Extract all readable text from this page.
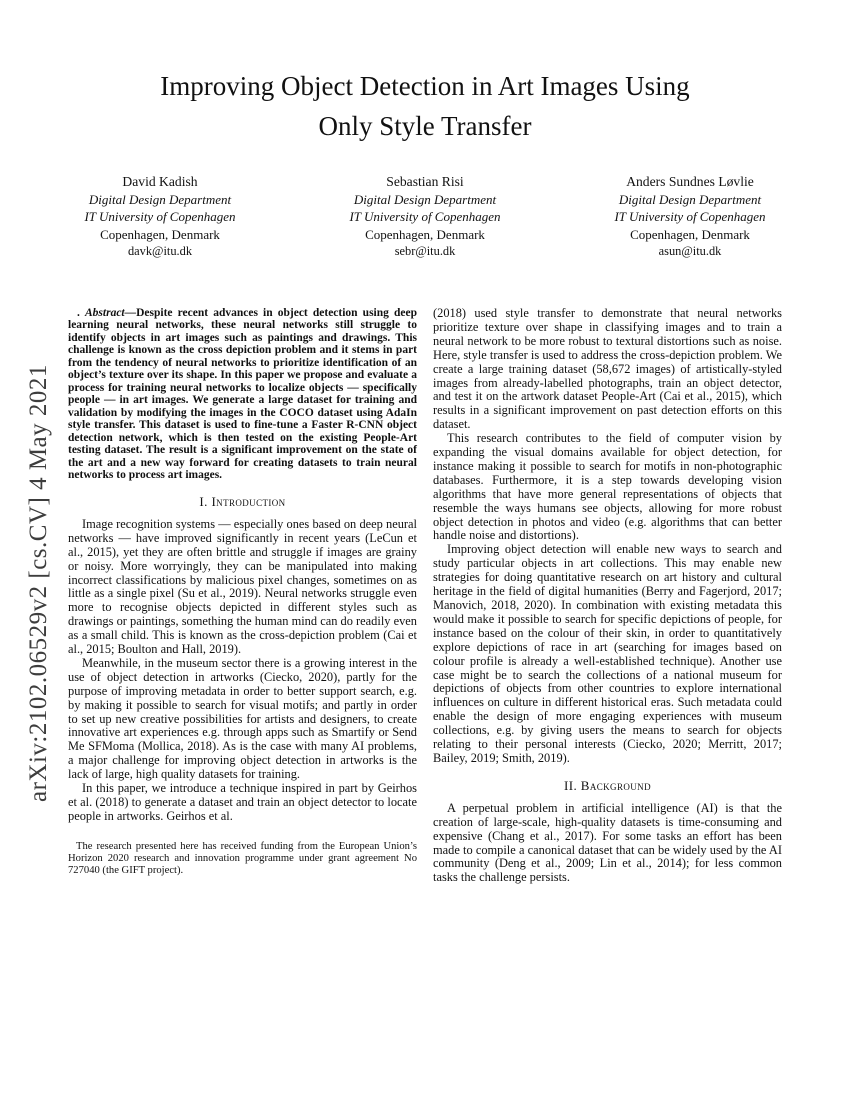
arXiv:2102.06529v2 [cs.CV] 4 May 2021
Improving Object Detection in Art Images Using
Only Style Transfer
David Kadish
Digital Design Department
IT University of Copenhagen
Copenhagen, Denmark
davk@itu.dk
Sebastian Risi
Digital Design Department
IT University of Copenhagen
Copenhagen, Denmark
sebr@itu.dk
Anders Sundnes Løvlie
Digital Design Department
IT University of Copenhagen
Copenhagen, Denmark
asun@itu.dk

. Abstract—Despite recent advances in object detection using deep learning neural networks, these neural networks still struggle to identify objects in art images such as paintings and drawings. This challenge is known as the cross depiction problem and it stems in part from the tendency of neural networks to prioritize identification of an object’s texture over its shape. In this paper we propose and evaluate a process for training neural networks to localize objects — specifically people — in art images. We generate a large dataset for training and validation by modifying the images in the COCO dataset using AdaIn style transfer. This dataset is used to fine-tune a Faster R-CNN object detection network, which is then tested on the existing People-Art testing dataset. The result is a significant improvement on the state of the art and a new way forward for creating datasets to train neural networks to process art images.

I. Introduction

Image recognition systems — especially ones based on deep neural networks — have improved significantly in recent years (LeCun et al., 2015), yet they are often brittle and struggle if images are grainy or noisy. More worryingly, they can be manipulated into making incorrect classifications by malicious pixel changes, sometimes on as little as a single pixel (Su et al., 2019). Neural networks struggle even more to recognise objects depicted in different styles such as drawings or paintings, something the human mind can do readily even as a small child. This is known as the cross-depiction problem (Cai et al., 2015; Boulton and Hall, 2019).

Meanwhile, in the museum sector there is a growing interest in the use of object detection in artworks (Ciecko, 2020), partly for the purpose of improving metadata in order to better support search, e.g. by making it possible to search for visual motifs; and partly in order to set up new creative possibilities for artists and designers, to create innovative art experiences e.g. through apps such as Smartify or Send Me SFMoma (Mollica, 2018). As is the case with many AI problems, a major challenge for improving object detection in artworks is the lack of large, high quality datasets for training.

In this paper, we introduce a technique inspired in part by Geirhos et al. (2018) to generate a dataset and train an object detector to locate people in artworks. Geirhos et al.

The research presented here has received funding from the European Union’s Horizon 2020 research and innovation programme under grant agreement No 727040 (the GIFT project).

(2018) used style transfer to demonstrate that neural networks prioritize texture over shape in classifying images and to train a neural network to be more robust to textural distortions such as noise. Here, style transfer is used to address the cross-depiction problem. We create a large training dataset (58,672 images) of artistically-styled images from already-labelled photographs, train an object detector, and test it on the artwork dataset People-Art (Cai et al., 2015), which results in a significant improvement on past detection efforts on this dataset.

This research contributes to the field of computer vision by expanding the visual domains available for object detection, for instance making it possible to search for motifs in non-photographic databases. Furthermore, it is a step towards developing vision algorithms that have more general representations of objects that resemble the ways humans see objects, allowing for more robust object detection in photos and video (e.g. algorithms that can better handle noise and distortions).

Improving object detection will enable new ways to search and study particular objects in art collections. This may enable new strategies for doing quantitative research on art history and cultural heritage in the field of digital humanities (Berry and Fagerjord, 2017; Manovich, 2018, 2020). In combination with existing metadata this would make it possible to search for specific depictions of people, for instance based on the colour of their skin, in order to quantitatively explore depictions of race in art (searching for images based on colour profile is already a well-established technique). Another use case might be to search the collections of a national museum for depictions of objects from other countries to explore international influences on culture in different historical eras. Such metadata could enable the design of more engaging experiences with museum collections, e.g. by giving users the means to search for objects relating to their personal interests (Ciecko, 2020; Merritt, 2017; Bailey, 2019; Smith, 2019).

II. Background

A perpetual problem in artificial intelligence (AI) is that the creation of large-scale, high-quality datasets is time-consuming and expensive (Chang et al., 2017). For some tasks an effort has been made to compile a canonical dataset that can be widely used by the AI community (Deng et al., 2009; Lin et al., 2014); for less common tasks the challenge persists.
